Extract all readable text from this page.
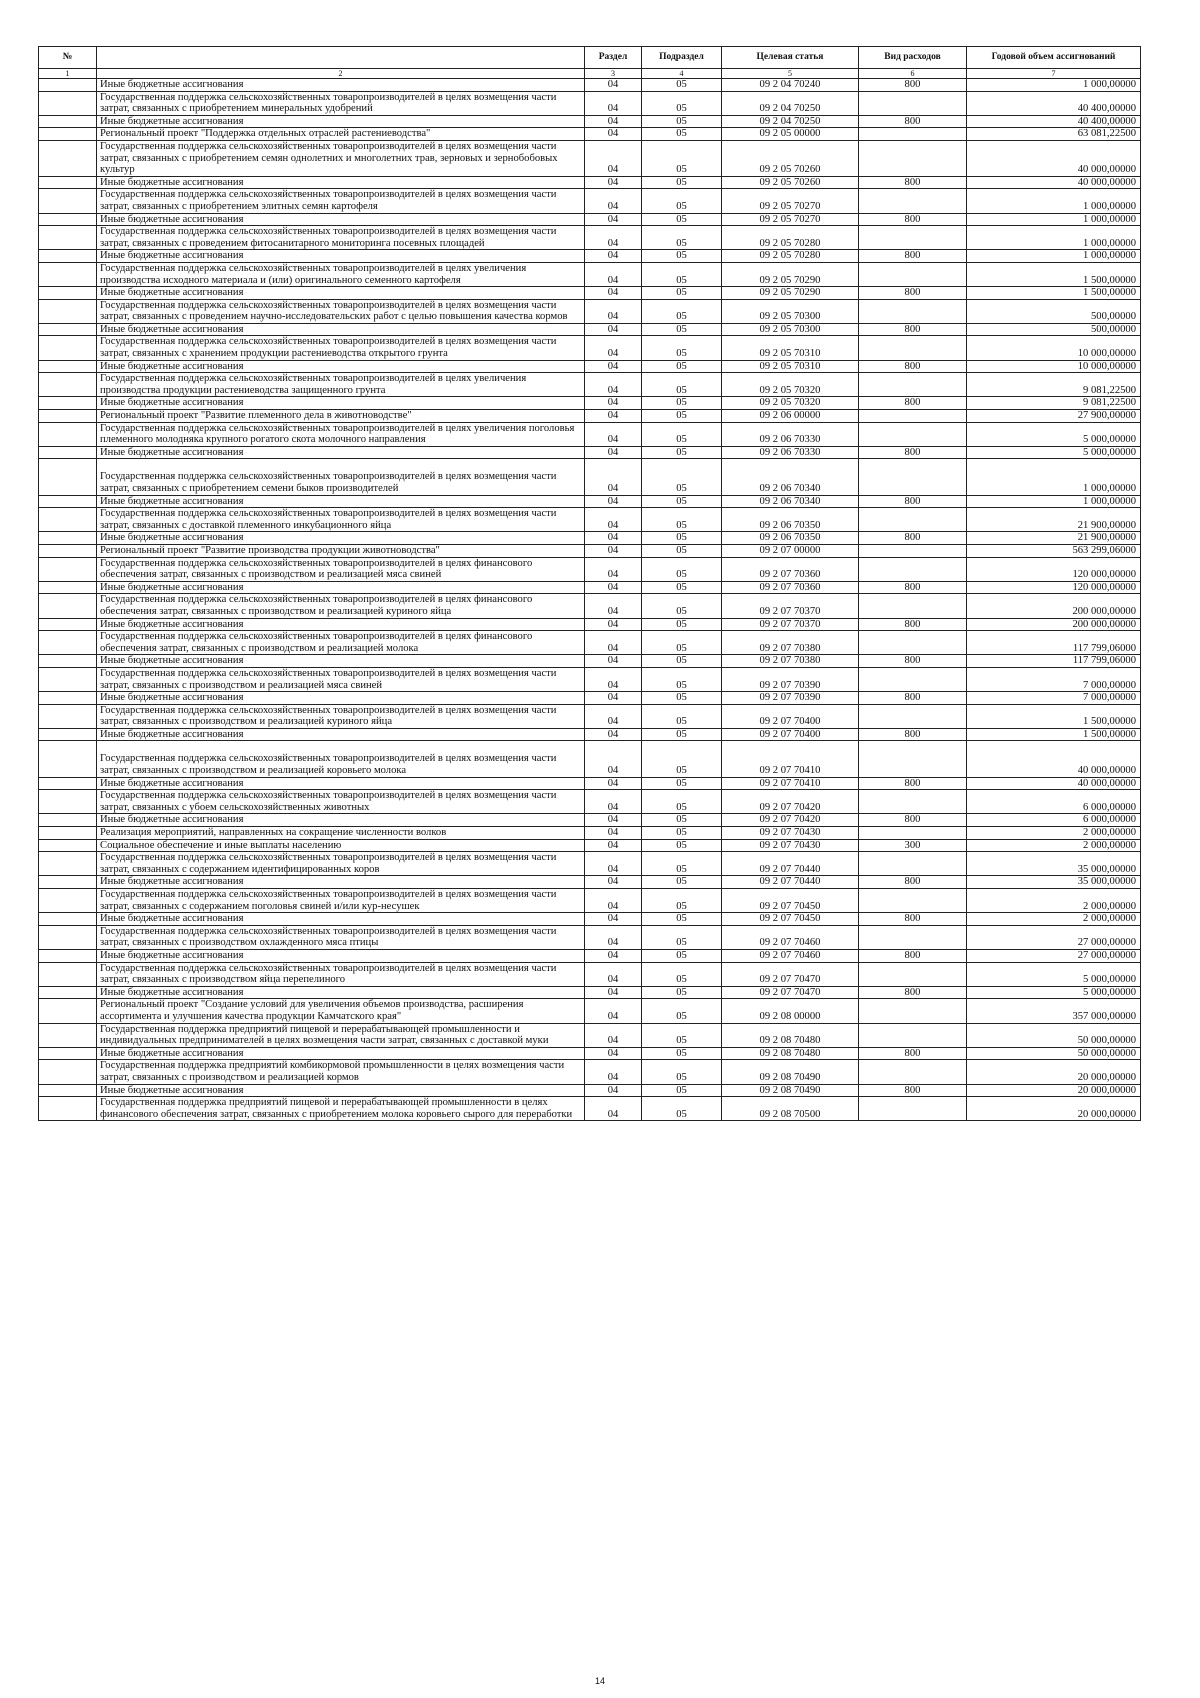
№		Раздел	Подраздел	Целевая статья	Вид расходов	Годовой объем ассигнований
1	2	3	4	5	6	7
	Иные бюджетные ассигнования	04	05	09 2 04 70240	800	1 000,00000
	Государственная поддержка сельскохозяйственных товаропроизводителей в целях возмещения части затрат, связанных с приобретением минеральных удобрений	04	05	09 2 04 70250		40 400,00000
	Иные бюджетные ассигнования	04	05	09 2 04 70250	800	40 400,00000
	Региональный проект "Поддержка отдельных отраслей растениеводства"	04	05	09 2 05 00000		63 081,22500
	Государственная поддержка сельскохозяйственных товаропроизводителей в целях возмещения части затрат, связанных с приобретением семян однолетних и многолетних трав, зерновых и зернобобовых культур	04	05	09 2 05 70260		40 000,00000
	Иные бюджетные ассигнования	04	05	09 2 05 70260	800	40 000,00000
	Государственная поддержка сельскохозяйственных товаропроизводителей в целях возмещения части затрат, связанных с приобретением элитных семян картофеля	04	05	09 2 05 70270		1 000,00000
	Иные бюджетные ассигнования	04	05	09 2 05 70270	800	1 000,00000
	Государственная поддержка сельскохозяйственных товаропроизводителей в целях возмещения части затрат, связанных с проведением фитосанитарного мониторинга посевных площадей	04	05	09 2 05 70280		1 000,00000
	Иные бюджетные ассигнования	04	05	09 2 05 70280	800	1 000,00000
	Государственная поддержка сельскохозяйственных товаропроизводителей в целях увеличения производства исходного материала и (или) оригинального семенного картофеля	04	05	09 2 05 70290		1 500,00000
	Иные бюджетные ассигнования	04	05	09 2 05 70290	800	1 500,00000
	Государственная поддержка сельскохозяйственных товаропроизводителей в целях возмещения части затрат, связанных с проведением научно-исследовательских работ с целью повышения качества кормов	04	05	09 2 05 70300		500,00000
	Иные бюджетные ассигнования	04	05	09 2 05 70300	800	500,00000
	Государственная поддержка сельскохозяйственных товаропроизводителей в целях возмещения части затрат, связанных с хранением продукции растениеводства открытого грунта	04	05	09 2 05 70310		10 000,00000
	Иные бюджетные ассигнования	04	05	09 2 05 70310	800	10 000,00000
	Государственная поддержка сельскохозяйственных товаропроизводителей в целях увеличения производства продукции растениеводства защищенного грунта	04	05	09 2 05 70320		9 081,22500
	Иные бюджетные ассигнования	04	05	09 2 05 70320	800	9 081,22500
	Региональный проект "Развитие племенного дела в животноводстве"	04	05	09 2 06 00000		27 900,00000
	Государственная поддержка сельскохозяйственных товаропроизводителей в целях увеличения поголовья племенного молодняка крупного рогатого скота молочного направления	04	05	09 2 06 70330		5 000,00000
	Иные бюджетные ассигнования	04	05	09 2 06 70330	800	5 000,00000
	Государственная поддержка сельскохозяйственных товаропроизводителей в целях возмещения части затрат, связанных с приобретением семени быков производителей	04	05	09 2 06 70340		1 000,00000
	Иные бюджетные ассигнования	04	05	09 2 06 70340	800	1 000,00000
	Государственная поддержка сельскохозяйственных товаропроизводителей в целях возмещения части затрат, связанных с доставкой племенного инкубационного яйца	04	05	09 2 06 70350		21 900,00000
	Иные бюджетные ассигнования	04	05	09 2 06 70350	800	21 900,00000
	Региональный проект "Развитие производства продукции животноводства"	04	05	09 2 07 00000		563 299,06000
	Государственная поддержка сельскохозяйственных товаропроизводителей в целях финансового обеспечения затрат, связанных с производством и реализацией мяса свиней	04	05	09 2 07 70360		120 000,00000
	Иные бюджетные ассигнования	04	05	09 2 07 70360	800	120 000,00000
	Государственная поддержка сельскохозяйственных товаропроизводителей в целях финансового обеспечения затрат, связанных с производством и реализацией куриного яйца	04	05	09 2 07 70370		200 000,00000
	Иные бюджетные ассигнования	04	05	09 2 07 70370	800	200 000,00000
	Государственная поддержка сельскохозяйственных товаропроизводителей в целях финансового обеспечения затрат, связанных с производством и реализацией молока	04	05	09 2 07 70380		117 799,06000
	Иные бюджетные ассигнования	04	05	09 2 07 70380	800	117 799,06000
	Государственная поддержка сельскохозяйственных товаропроизводителей в целях возмещения части затрат, связанных с производством и реализацией мяса свиней	04	05	09 2 07 70390		7 000,00000
	Иные бюджетные ассигнования	04	05	09 2 07 70390	800	7 000,00000
	Государственная поддержка сельскохозяйственных товаропроизводителей в целях возмещения части затрат, связанных с производством и реализацией куриного яйца	04	05	09 2 07 70400		1 500,00000
	Иные бюджетные ассигнования	04	05	09 2 07 70400	800	1 500,00000
	Государственная поддержка сельскохозяйственных товаропроизводителей в целях возмещения части затрат, связанных с производством и реализацией коровьего молока	04	05	09 2 07 70410		40 000,00000
	Иные бюджетные ассигнования	04	05	09 2 07 70410	800	40 000,00000
	Государственная поддержка сельскохозяйственных товаропроизводителей в целях возмещения части затрат, связанных с убоем сельскохозяйственных животных	04	05	09 2 07 70420		6 000,00000
	Иные бюджетные ассигнования	04	05	09 2 07 70420	800	6 000,00000
	Реализация мероприятий, направленных на сокращение численности волков	04	05	09 2 07 70430		2 000,00000
	Социальное обеспечение и иные выплаты населению	04	05	09 2 07 70430	300	2 000,00000
	Государственная поддержка сельскохозяйственных товаропроизводителей в целях возмещения части затрат, связанных с содержанием идентифицированных коров	04	05	09 2 07 70440		35 000,00000
	Иные бюджетные ассигнования	04	05	09 2 07 70440	800	35 000,00000
	Государственная поддержка сельскохозяйственных товаропроизводителей в целях возмещения части затрат, связанных с содержанием поголовья свиней и/или кур-несушек	04	05	09 2 07 70450		2 000,00000
	Иные бюджетные ассигнования	04	05	09 2 07 70450	800	2 000,00000
	Государственная поддержка сельскохозяйственных товаропроизводителей в целях возмещения части затрат, связанных с производством охлажденного мяса птицы	04	05	09 2 07 70460		27 000,00000
	Иные бюджетные ассигнования	04	05	09 2 07 70460	800	27 000,00000
	Государственная поддержка сельскохозяйственных товаропроизводителей в целях возмещения части затрат, связанных с производством яйца перепелиного	04	05	09 2 07 70470		5 000,00000
	Иные бюджетные ассигнования	04	05	09 2 07 70470	800	5 000,00000
	Региональный проект "Создание условий для увеличения объемов производства, расширения ассортимента и улучшения качества продукции Камчатского края"	04	05	09 2 08 00000		357 000,00000
	Государственная поддержка предприятий пищевой и перерабатывающей промышленности и индивидуальных предпринимателей в целях возмещения части затрат, связанных с доставкой муки	04	05	09 2 08 70480		50 000,00000
	Иные бюджетные ассигнования	04	05	09 2 08 70480	800	50 000,00000
	Государственная поддержка предприятий комбикормовой промышленности в целях возмещения части затрат, связанных с производством и реализацией кормов	04	05	09 2 08 70490		20 000,00000
	Иные бюджетные ассигнования	04	05	09 2 08 70490	800	20 000,00000
	Государственная поддержка предприятий пищевой и перерабатывающей промышленности в целях финансового обеспечения затрат, связанных с приобретением молока коровьего сырого для переработки	04	05	09 2 08 70500		20 000,00000
14
